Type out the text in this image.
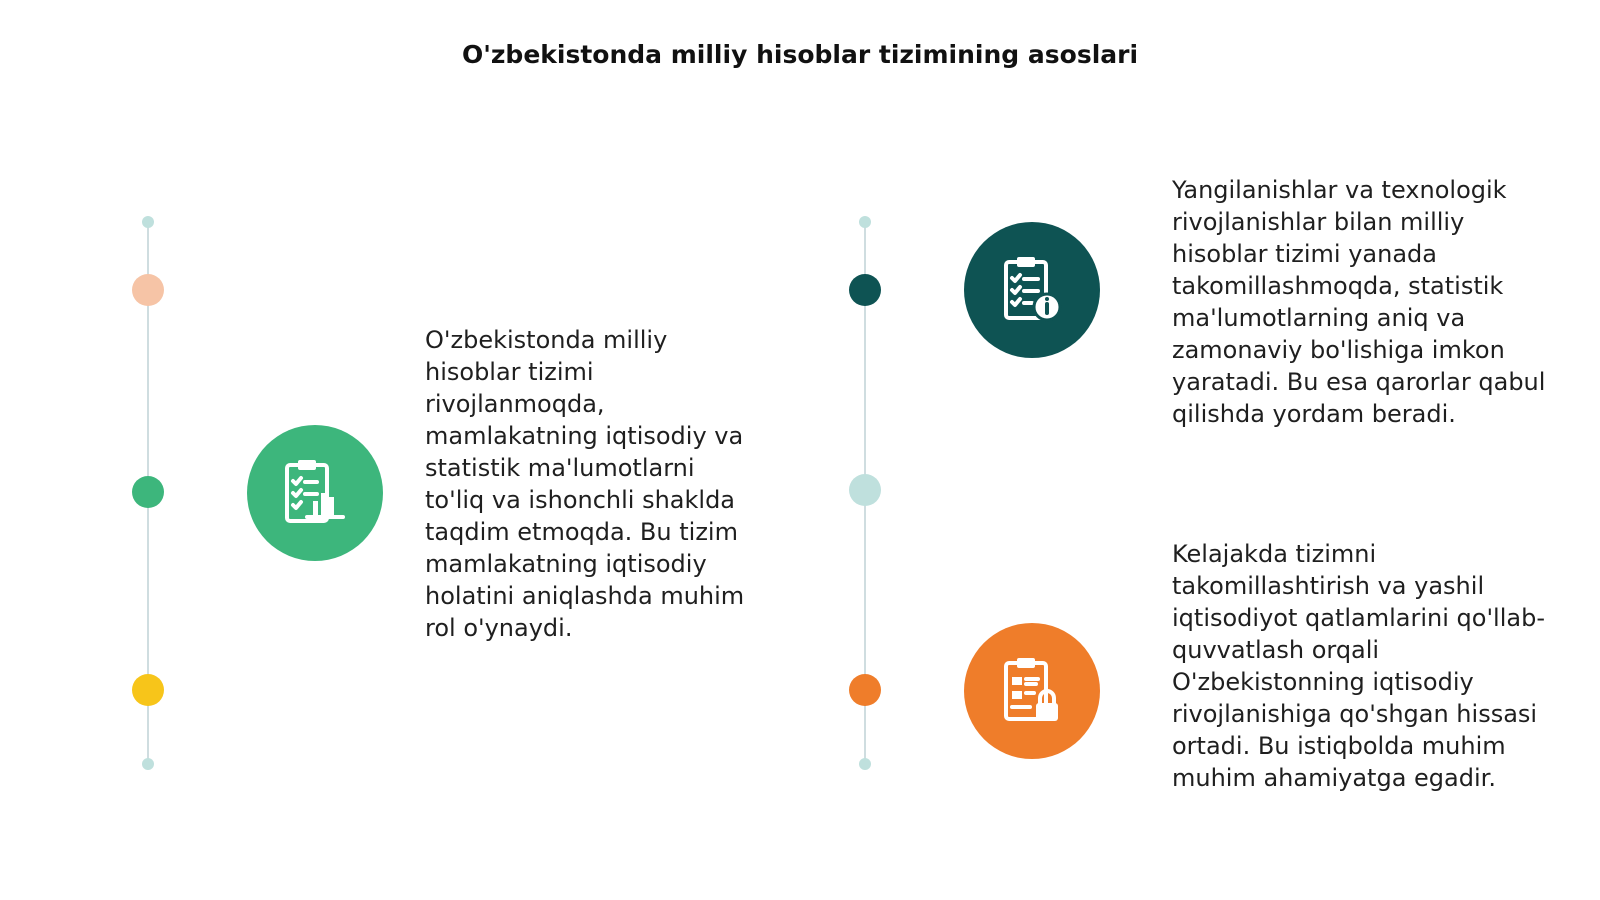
O'zbekistonda milliy hisoblar tizimining asoslari
O'zbekistonda milliy hisoblar tizimi rivojlanmoqda, mamlakatning iqtisodiy va statistik ma'lumotlarni to'liq va ishonchli shaklda taqdim etmoqda. Bu tizim mamlakatning iqtisodiy holatini aniqlashda muhim rol o'ynaydi.
Yangilanishlar va texnologik rivojlanishlar bilan milliy hisoblar tizimi yanada takomillashmoqda, statistik ma'lumotlarning aniq va zamonaviy bo'lishiga imkon yaratadi. Bu esa qarorlar qabul qilishda yordam beradi.
Kelajakda tizimni takomillashtirish va yashil iqtisodiyot qatlamlarini qo'llab-quvvatlash orqali O'zbekistonning iqtisodiy rivojlanishiga qo'shgan hissasi ortadi. Bu istiqbolda muhim muhim ahamiyatga egadir.
